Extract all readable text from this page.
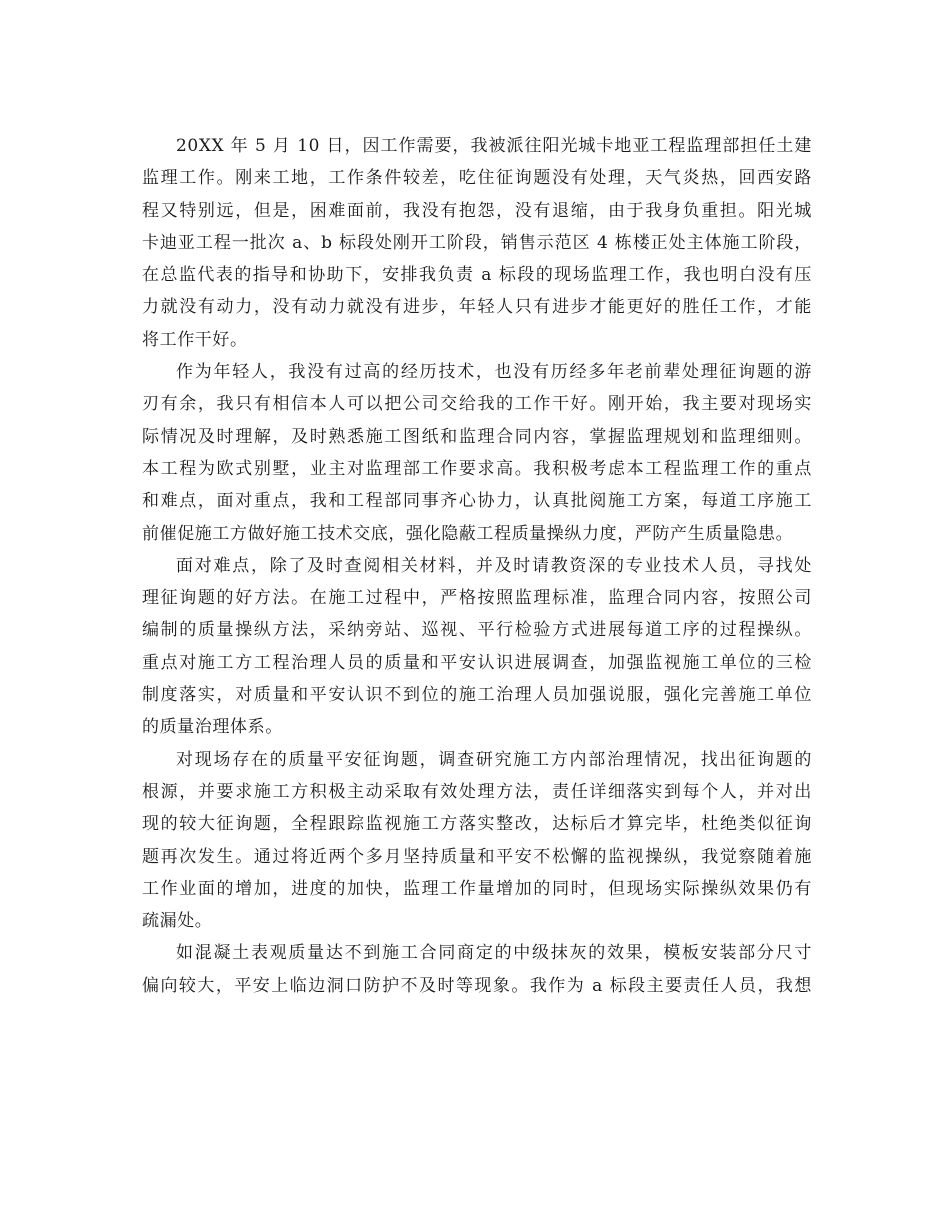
20XX 年 5 月 10 日，因工作需要，我被派往阳光城卡地亚工程监理部担任土建
监理工作。刚来工地，工作条件较差，吃住征询题没有处理，天气炎热，回西安路
程又特别远，但是，困难面前，我没有抱怨，没有退缩，由于我身负重担。阳光城
卡迪亚工程一批次 a、b 标段处刚开工阶段，销售示范区 4 栋楼正处主体施工阶段，
在总监代表的指导和协助下，安排我负责 a 标段的现场监理工作，我也明白没有压
力就没有动力，没有动力就没有进步，年轻人只有进步才能更好的胜任工作，才能
将工作干好。
作为年轻人，我没有过高的经历技术，也没有历经多年老前辈处理征询题的游
刃有余，我只有相信本人可以把公司交给我的工作干好。刚开始，我主要对现场实
际情况及时理解，及时熟悉施工图纸和监理合同内容，掌握监理规划和监理细则。
本工程为欧式别墅，业主对监理部工作要求高。我积极考虑本工程监理工作的重点
和难点，面对重点，我和工程部同事齐心协力，认真批阅施工方案，每道工序施工
前催促施工方做好施工技术交底，强化隐蔽工程质量操纵力度，严防产生质量隐患。
面对难点，除了及时查阅相关材料，并及时请教资深的专业技术人员，寻找处
理征询题的好方法。在施工过程中，严格按照监理标准，监理合同内容，按照公司
编制的质量操纵方法，采纳旁站、巡视、平行检验方式进展每道工序的过程操纵。
重点对施工方工程治理人员的质量和平安认识进展调查，加强监视施工单位的三检
制度落实，对质量和平安认识不到位的施工治理人员加强说服，强化完善施工单位
的质量治理体系。
对现场存在的质量平安征询题，调查研究施工方内部治理情况，找出征询题的
根源，并要求施工方积极主动采取有效处理方法，责任详细落实到每个人，并对出
现的较大征询题，全程跟踪监视施工方落实整改，达标后才算完毕，杜绝类似征询
题再次发生。通过将近两个多月坚持质量和平安不松懈的监视操纵，我觉察随着施
工作业面的增加，进度的加快，监理工作量增加的同时，但现场实际操纵效果仍有
疏漏处。
如混凝土表观质量达不到施工合同商定的中级抹灰的效果，模板安装部分尺寸
偏向较大，平安上临边洞口防护不及时等现象。我作为 a 标段主要责任人员，我想
